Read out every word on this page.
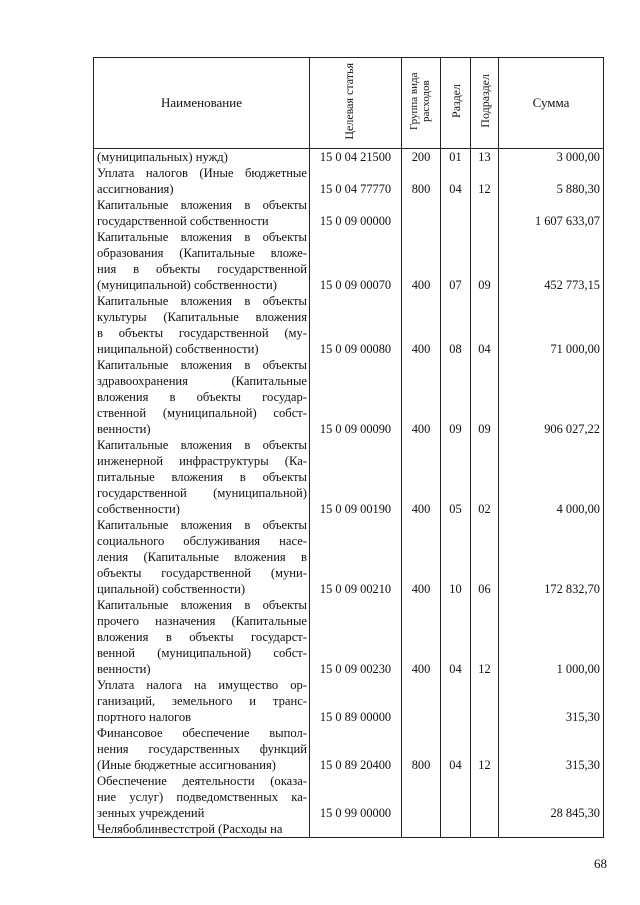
Наименование	Целевая статья	Группа вида расходов	Раздел	Подраздел	Сумма

(муниципальных) нужд)	15 0 04 21500	200	01	13	3 000,00

Уплата налогов (Иные бюджетные
ассигнования)	15 0 04 77770	800	04	12	5 880,30

Капитальные вложения в объекты
государственной собственности	15 0 09 00000				1 607 633,07

Капитальные вложения в объекты
образования (Капитальные вложе-
ния в объекты государственной
(муниципальной) собственности)	15 0 09 00070	400	07	09	452 773,15

Капитальные вложения в объекты
культуры (Капитальные вложения
в объекты государственной (му-
ниципальной) собственности)	15 0 09 00080	400	08	04	71 000,00

Капитальные вложения в объекты
здравоохранения (Капитальные
вложения в объекты государ-
ственной (муниципальной) собст-
венности)	15 0 09 00090	400	09	09	906 027,22

Капитальные вложения в объекты
инженерной инфраструктуры (Ка-
питальные вложения в объекты
государственной (муниципальной)
собственности)	15 0 09 00190	400	05	02	4 000,00

Капитальные вложения в объекты
социального обслуживания насе-
ления (Капитальные вложения в
объекты государственной (муни-
ципальной) собственности)	15 0 09 00210	400	10	06	172 832,70

Капитальные вложения в объекты
прочего назначения (Капитальные
вложения в объекты государст-
венной (муниципальной) собст-
венности)	15 0 09 00230	400	04	12	1 000,00

Уплата налога на имущество ор-
ганизаций, земельного и транс-
портного налогов	15 0 89 00000				315,30

Финансовое обеспечение выпол-
нения государственных функций
(Иные бюджетные ассигнования)	15 0 89 20400	800	04	12	315,30

Обеспечение деятельности (оказа-
ние услуг) подведомственных ка-
зенных учреждений	15 0 99 00000				28 845,30

Челябоблинвестстрой (Расходы на					

68
